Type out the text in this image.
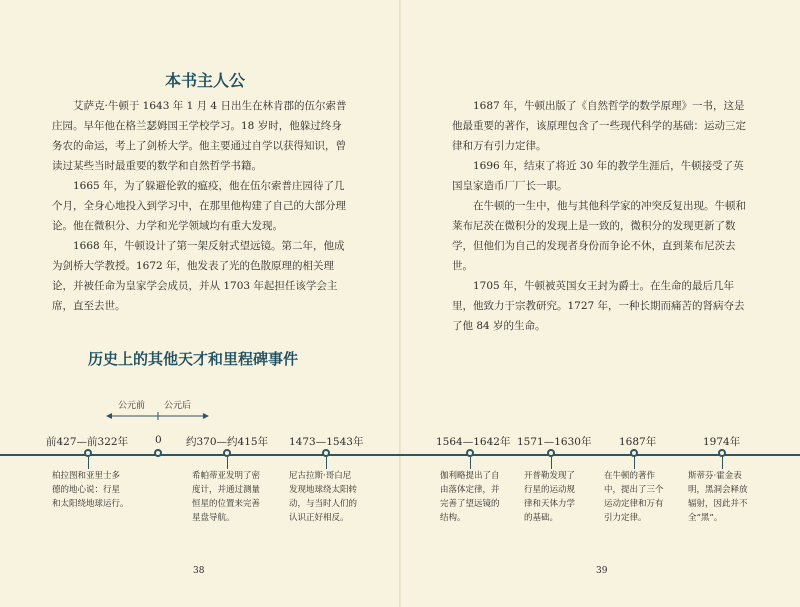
本书主人公

艾萨克·牛顿于 1643 年 1 月 4 日出生在林肯郡的伍尔索普庄园。早年他在格兰瑟姆国王学校学习。18 岁时，他躲过终身务农的命运，考上了剑桥大学。他主要通过自学以获得知识，曾读过某些当时最重要的数学和自然哲学书籍。

1665 年，为了躲避伦敦的瘟疫，他在伍尔索普庄园待了几个月，全身心地投入到学习中，在那里他构建了自己的大部分理论。他在微积分、力学和光学领域均有重大发现。

1668 年，牛顿设计了第一架反射式望远镜。第二年，他成为剑桥大学教授。1672 年，他发表了光的色散原理的相关理论，并被任命为皇家学会成员，并从 1703 年起担任该学会主席，直至去世。

历史上的其他天才和里程碑事件
38

1687 年，牛顿出版了《自然哲学的数学原理》一书，这是他最重要的著作，该原理包含了一些现代科学的基础：运动三定律和万有引力定律。

1696 年，结束了将近 30 年的教学生涯后，牛顿接受了英国皇家造币厂厂长一职。

在牛顿的一生中，他与其他科学家的冲突反复出现。牛顿和莱布尼茨在微积分的发现上是一致的，微积分的发现更新了数学，但他们为自己的发现者身份而争论不休，直到莱布尼茨去世。

1705 年，牛顿被英国女王封为爵士。在生命的最后几年里，他致力于宗教研究。1727 年，一种长期而痛苦的肾病夺去了他 84 岁的生命。

39
公元前 公元后
0
前427—前322年
柏拉图和亚里士多
德的地心说：行星
和太阳绕地球运行。
约370—约415年
希帕蒂亚发明了密
度计，并通过测量
恒星的位置来完善
星盘导航。
1473—1543年
尼古拉斯·哥白尼
发现地球绕太阳转
动，与当时人们的
认识正好相反。
1564—1642年
伽利略提出了自
由落体定律，并
完善了望远镜的
结构。
1571—1630年
开普勒发现了
行星的运动规
律和天体力学
的基础。
1687年
在牛顿的著作
中，提出了三个
运动定律和万有
引力定律。
1974年
斯蒂芬·霍金表
明，黑洞会释放
辐射，因此并不
全“黑”。
